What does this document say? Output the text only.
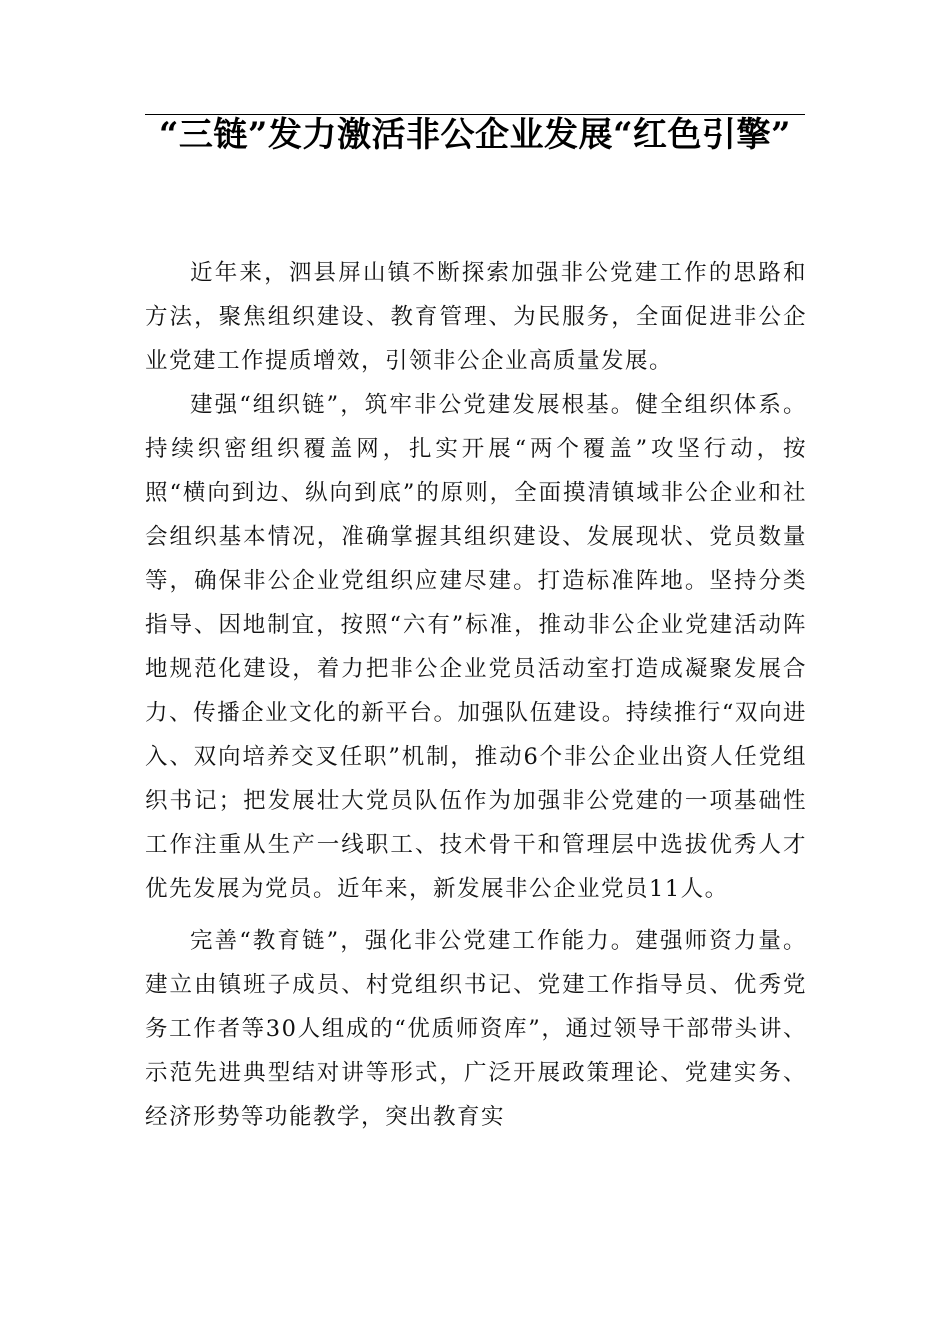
“三链”发力激活非公企业发展“红色引擎”

近年来，泗县屏山镇不断探索加强非公党建工作的思路和方法，聚焦组织建设、教育管理、为民服务，全面促进非公企业党建工作提质增效，引领非公企业高质量发展。

建强“组织链”，筑牢非公党建发展根基。健全组织体系。持续织密组织覆盖网，扎实开展“两个覆盖”攻坚行动，按照“横向到边、纵向到底”的原则，全面摸清镇域非公企业和社会组织基本情况，准确掌握其组织建设、发展现状、党员数量等，确保非公企业党组织应建尽建。打造标准阵地。坚持分类指导、因地制宜，按照“六有”标准，推动非公企业党建活动阵地规范化建设，着力把非公企业党员活动室打造成凝聚发展合力、传播企业文化的新平台。加强队伍建设。持续推行“双向进入、双向培养交叉任职”机制，推动6个非公企业出资人任党组织书记；把发展壮大党员队伍作为加强非公党建的一项基础性工作注重从生产一线职工、技术骨干和管理层中选拔优秀人才优先发展为党员。近年来，新发展非公企业党员11人。

完善“教育链”，强化非公党建工作能力。建强师资力量。建立由镇班子成员、村党组织书记、党建工作指导员、优秀党务工作者等30人组成的“优质师资库”，通过领导干部带头讲、示范先进典型结对讲等形式，广泛开展政策理论、党建实务、经济形势等功能教学，突出教育实
